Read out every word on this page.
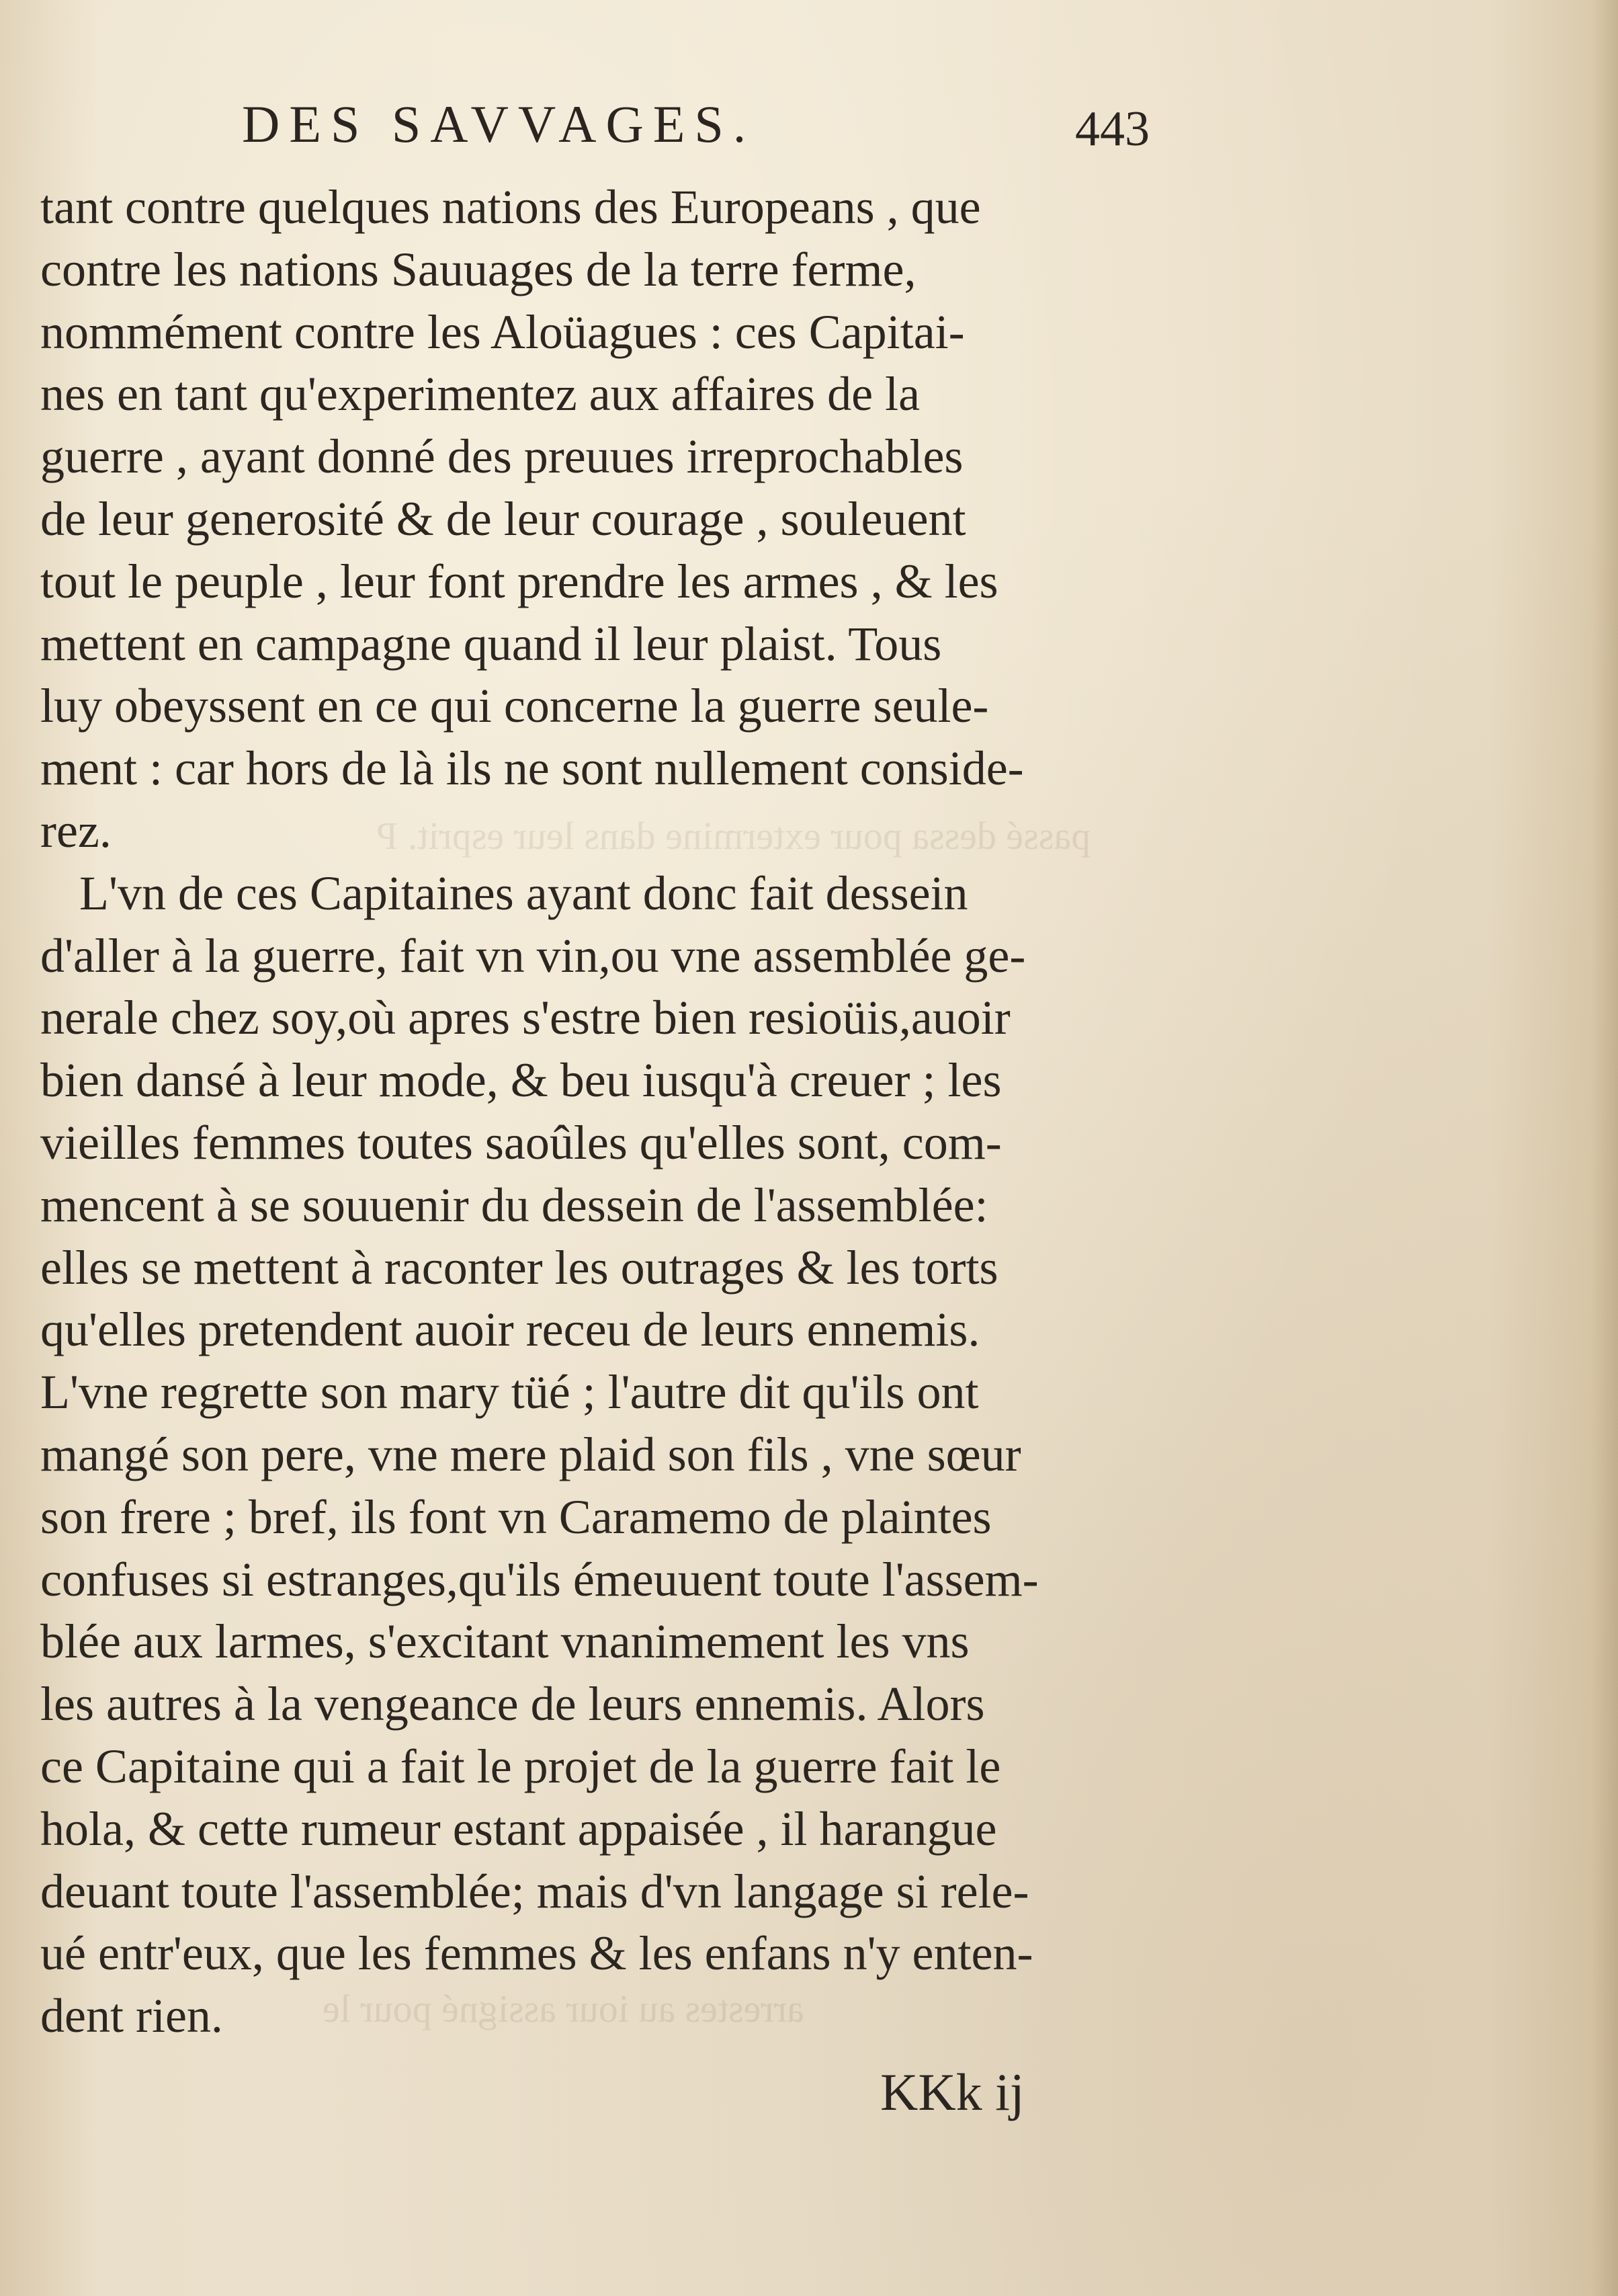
DES SAVVAGES.	443
passé dessa pour extermine dans leur esprit. P
arrestes au iour assigné pour le
tant contre quelques nations des Europeans , que
contre les nations Sauuages de la terre ferme,
nommément contre les Aloüagues : ces Capitai-
nes en tant qu'experimentez aux affaires de la
guerre , ayant donné des preuues irreprochables
de leur generosité & de leur courage , souleuent
tout le peuple , leur font prendre les armes , & les
mettent en campagne quand il leur plaist. Tous
luy obeyssent en ce qui concerne la guerre seule-
ment : car hors de là ils ne sont nullement conside-
rez.
L'vn de ces Capitaines ayant donc fait dessein
d'aller à la guerre, fait vn vin,ou vne assemblée ge-
nerale chez soy,où apres s'estre bien resioüis,auoir
bien dansé à leur mode, & beu iusqu'à creuer ; les
vieilles femmes toutes saoûles qu'elles sont, com-
mencent à se souuenir du dessein de l'assemblée:
elles se mettent à raconter les outrages & les torts
qu'elles pretendent auoir receu de leurs ennemis.
L'vne regrette son mary tüé ; l'autre dit qu'ils ont
mangé son pere, vne mere plaid son fils , vne sœur
son frere ; bref, ils font vn Caramemo de plaintes
confuses si estranges,qu'ils émeuuent toute l'assem-
blée aux larmes, s'excitant vnanimement les vns
les autres à la vengeance de leurs ennemis. Alors
ce Capitaine qui a fait le projet de la guerre fait le
hola, & cette rumeur estant appaisée , il harangue
deuant toute l'assemblée; mais d'vn langage si rele-
ué entr'eux, que les femmes & les enfans n'y enten-
dent rien.
KKk ij
